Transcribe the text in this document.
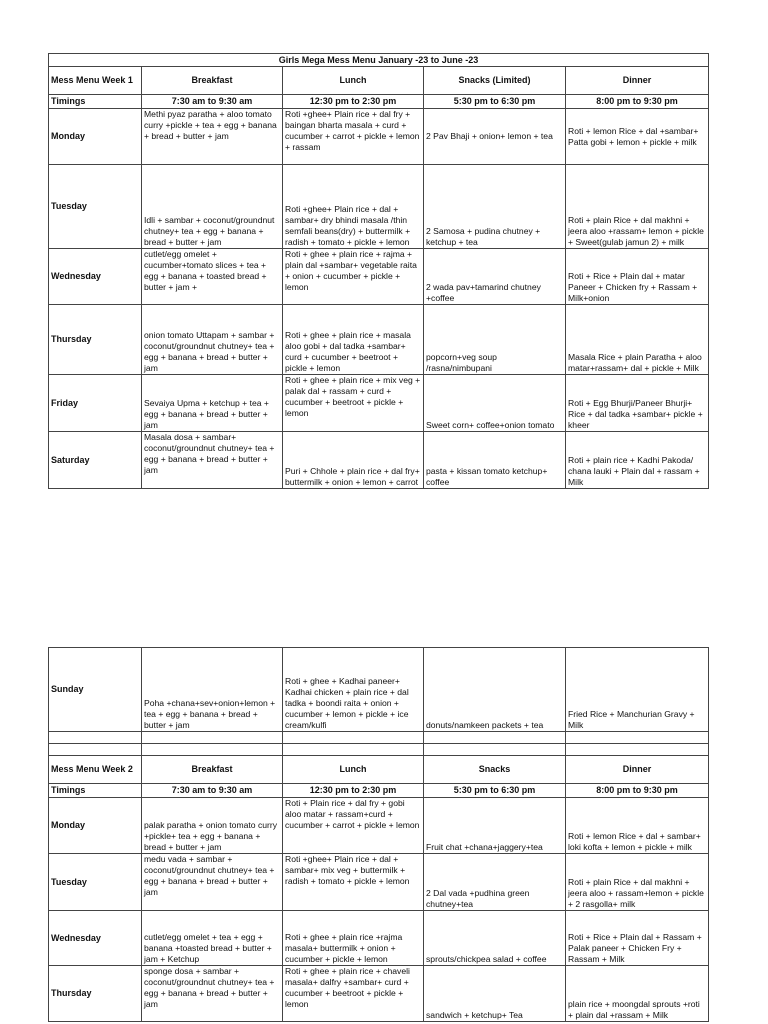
Girls Mega Mess Menu January -23 to June -23				
Mess Menu Week 1	Breakfast	Lunch	Snacks (Limited)	Dinner
Timings	7:30 am to 9:30 am	12:30 pm to 2:30 pm	5:30 pm to 6:30 pm	8:00 pm to 9:30 pm
Monday	Methi pyaz paratha + aloo tomato curry +pickle + tea + egg + banana + bread + butter + jam	Roti +ghee+ Plain rice + dal fry + baingan bharta masala + curd + cucumber + carrot + pickle + lemon + rassam	2 Pav Bhaji + onion+ lemon + tea	Roti + lemon Rice + dal +sambar+ Patta gobi + lemon + pickle + milk
Tuesday	Idli + sambar + coconut/groundnut chutney+ tea + egg + banana + bread + butter + jam	Roti +ghee+ Plain rice + dal + sambar+ dry bhindi masala /thin semfali beans(dry) + buttermilk + radish + tomato + pickle + lemon	2 Samosa + pudina chutney + ketchup + tea	Roti + plain Rice + dal makhni + jeera aloo +rassam+ lemon + pickle + Sweet(gulab jamun 2) + milk
Wednesday	cutlet/egg omelet + cucumber+tomato slices + tea + egg + banana + toasted bread + butter + jam +	Roti + ghee + plain rice + rajma + plain dal +sambar+ vegetable raita + onion + cucumber + pickle + lemon	2 wada pav+tamarind chutney +coffee	Roti + Rice + Plain dal + matar Paneer + Chicken fry + Rassam + Milk+onion
Thursday	onion tomato Uttapam + sambar + coconut/groundnut chutney+ tea + egg + banana + bread + butter + jam	Roti + ghee + plain rice + masala aloo gobi + dal tadka +sambar+ curd + cucumber + beetroot + pickle + lemon	popcorn+veg soup /rasna/nimbupani	Masala Rice + plain Paratha + aloo matar+rassam+ dal + pickle + Milk
Friday	Sevaiya Upma + ketchup + tea + egg + banana + bread + butter + jam	Roti + ghee + plain rice + mix veg + palak dal + rassam + curd + cucumber + beetroot + pickle + lemon	Sweet corn+ coffee+onion tomato	Roti + Egg Bhurji/Paneer Bhurji+ Rice + dal tadka +sambar+ pickle + kheer
Saturday	Masala dosa + sambar+ coconut/groundnut chutney+ tea + egg + banana + bread + butter + jam	Puri + Chhole + plain rice + dal fry+ buttermilk + onion + lemon + carrot	pasta + kissan tomato ketchup+ coffee	Roti + plain rice + Kadhi Pakoda/ chana lauki + Plain dal + rassam + Milk
Sunday	Poha +chana+sev+onion+lemon + tea + egg + banana + bread + butter + jam	Roti + ghee + Kadhai paneer+ Kadhai chicken + plain rice + dal tadka + boondi raita + onion + cucumber + lemon + pickle + ice cream/kulfi	donuts/namkeen packets + tea	Fried Rice + Manchurian Gravy + Milk

Mess Menu Week 2	Breakfast	Lunch	Snacks	Dinner
Timings	7:30 am to 9:30 am	12:30 pm to 2:30 pm	5:30 pm to 6:30 pm	8:00 pm to 9:30 pm
Monday	palak paratha + onion tomato curry +pickle+ tea + egg + banana + bread + butter + jam	Roti + Plain rice + dal fry + gobi aloo matar + rassam+curd + cucumber + carrot + pickle + lemon	Fruit chat +chana+jaggery+tea	Roti + lemon Rice + dal + sambar+ loki kofta + lemon + pickle + milk
Tuesday	medu vada + sambar + coconut/groundnut chutney+ tea + egg + banana + bread + butter + jam	Roti +ghee+ Plain rice + dal + sambar+ mix veg + buttermilk + radish + tomato + pickle + lemon	2 Dal vada +pudhina green chutney+tea	Roti + plain Rice + dal makhni + jeera aloo + rassam+lemon + pickle + 2 rasgolla+ milk
Wednesday	cutlet/egg omelet + tea + egg + banana +toasted bread + butter + jam + Ketchup	Roti + ghee + plain rice +rajma masala+ buttermilk + onion + cucumber + pickle + lemon	sprouts/chickpea salad + coffee	Roti + Rice + Plain dal + Rassam + Palak paneer + Chicken Fry + Rassam + Milk
Thursday	sponge dosa + sambar + coconut/groundnut chutney+ tea + egg + banana + bread + butter + jam	Roti + ghee + plain rice + chaveli masala+ dalfry +sambar+ curd + cucumber + beetroot + pickle + lemon	sandwich + ketchup+ Tea	plain rice + moongdal sprouts +roti + plain dal +rassam + Milk
